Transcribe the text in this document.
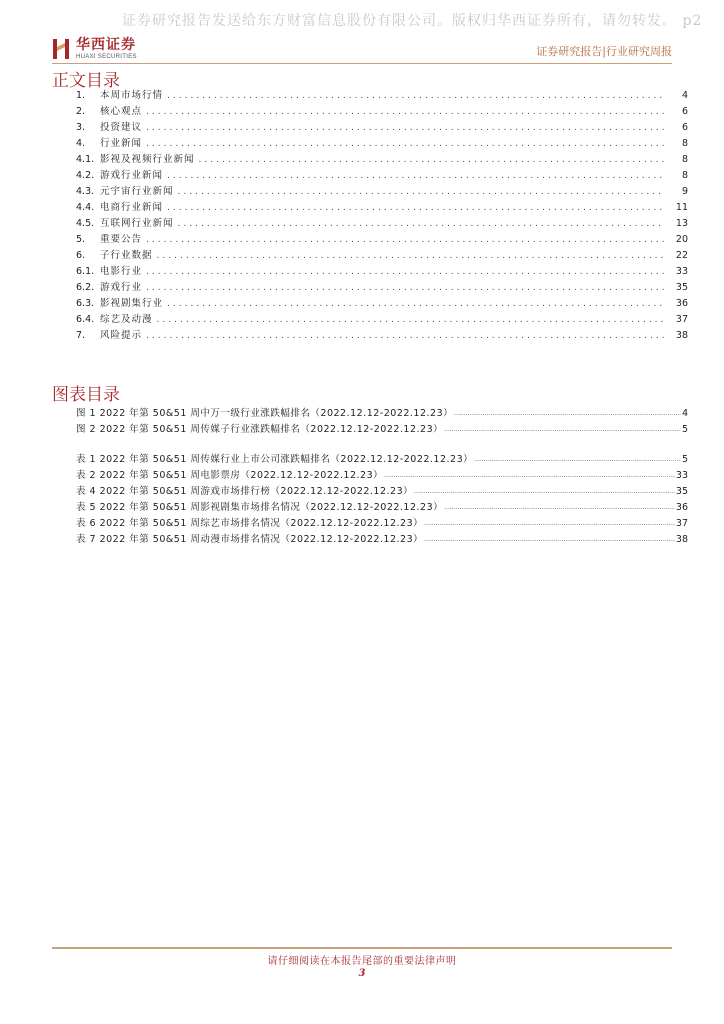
证券研究报告发送给东方财富信息股份有限公司。版权归华西证券所有，请勿转发。 p2
华西证券
HUAXI SECURITIES	证券研究报告|行业研究周报
正文目录
1.	本周市场行情 .....	4
2.	核心观点 .....	6
3.	投资建议 .....	6
4.	行业新闻 .....	8
4.1. 影视及视频行业新闻 .....	8
4.2. 游戏行业新闻 .....	8
4.3. 元宇宙行业新闻 .....	9
4.4. 电商行业新闻 .....	11
4.5. 互联网行业新闻 .....	13
5.	重要公告 .....	20
6.	子行业数据 .....	22
6.1. 电影行业 .....	33
6.2. 游戏行业 .....	35
6.3. 影视剧集行业 .....	36
6.4. 综艺及动漫 .....	37
7.	风险提示 .....	38
图表目录
图 1 2022 年第 50&51 周中万一级行业涨跌幅排名（2022.12.12-2022.12.23） .....	4
图 2 2022 年第 50&51 周传媒子行业涨跌幅排名（2022.12.12-2022.12.23） .....	5
表 1 2022 年第 50&51 周传媒行业上市公司涨跌幅排名（2022.12.12-2022.12.23） .....	5
表 2 2022 年第 50&51 周电影票房（2022.12.12-2022.12.23） .....	33
表 4 2022 年第 50&51 周游戏市场排行榜（2022.12.12-2022.12.23） .....	35
表 5 2022 年第 50&51 周影视剧集市场排名情况（2022.12.12-2022.12.23） .....	36
表 6 2022 年第 50&51 周综艺市场排名情况（2022.12.12-2022.12.23） .....	37
表 7 2022 年第 50&51 周动漫市场排名情况（2022.12.12-2022.12.23） .....	38
请仔细阅读在本报告尾部的重要法律声明
3
